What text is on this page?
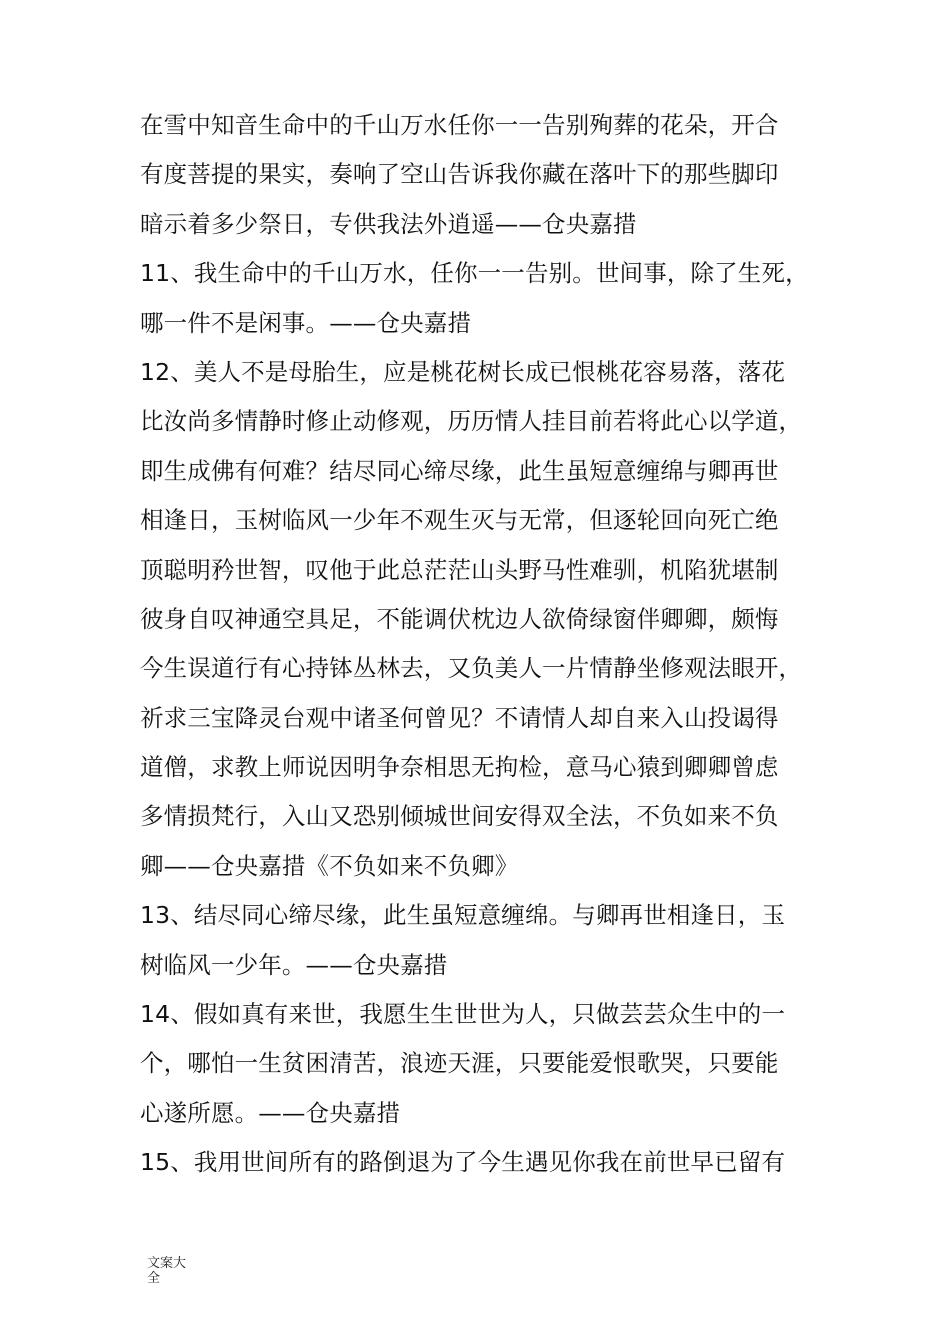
在雪中知音生命中的千山万水任你一一告别殉葬的花朵，开合
有度菩提的果实，奏响了空山告诉我你藏在落叶下的那些脚印
暗示着多少祭日，专供我法外逍遥——仓央嘉措
11、我生命中的千山万水，任你一一告别。世间事，除了生死，
哪一件不是闲事。——仓央嘉措
12、美人不是母胎生，应是桃花树长成已恨桃花容易落，落花
比汝尚多情静时修止动修观，历历情人挂目前若将此心以学道，
即生成佛有何难？结尽同心缔尽缘，此生虽短意缠绵与卿再世
相逢日，玉树临风一少年不观生灭与无常，但逐轮回向死亡绝
顶聪明矜世智，叹他于此总茫茫山头野马性难驯，机陷犹堪制
彼身自叹神通空具足，不能调伏枕边人欲倚绿窗伴卿卿，颇悔
今生误道行有心持钵丛林去，又负美人一片情静坐修观法眼开，
祈求三宝降灵台观中诸圣何曾见？不请情人却自来入山投谒得
道僧，求教上师说因明争奈相思无拘检，意马心猿到卿卿曾虑
多情损梵行，入山又恐别倾城世间安得双全法，不负如来不负
卿——仓央嘉措《不负如来不负卿》
13、结尽同心缔尽缘，此生虽短意缠绵。与卿再世相逢日，玉
树临风一少年。——仓央嘉措
14、假如真有来世，我愿生生世世为人，只做芸芸众生中的一
个，哪怕一生贫困清苦，浪迹天涯，只要能爱恨歌哭，只要能
心遂所愿。——仓央嘉措
15、我用世间所有的路倒退为了今生遇见你我在前世早已留有
文案大
全
